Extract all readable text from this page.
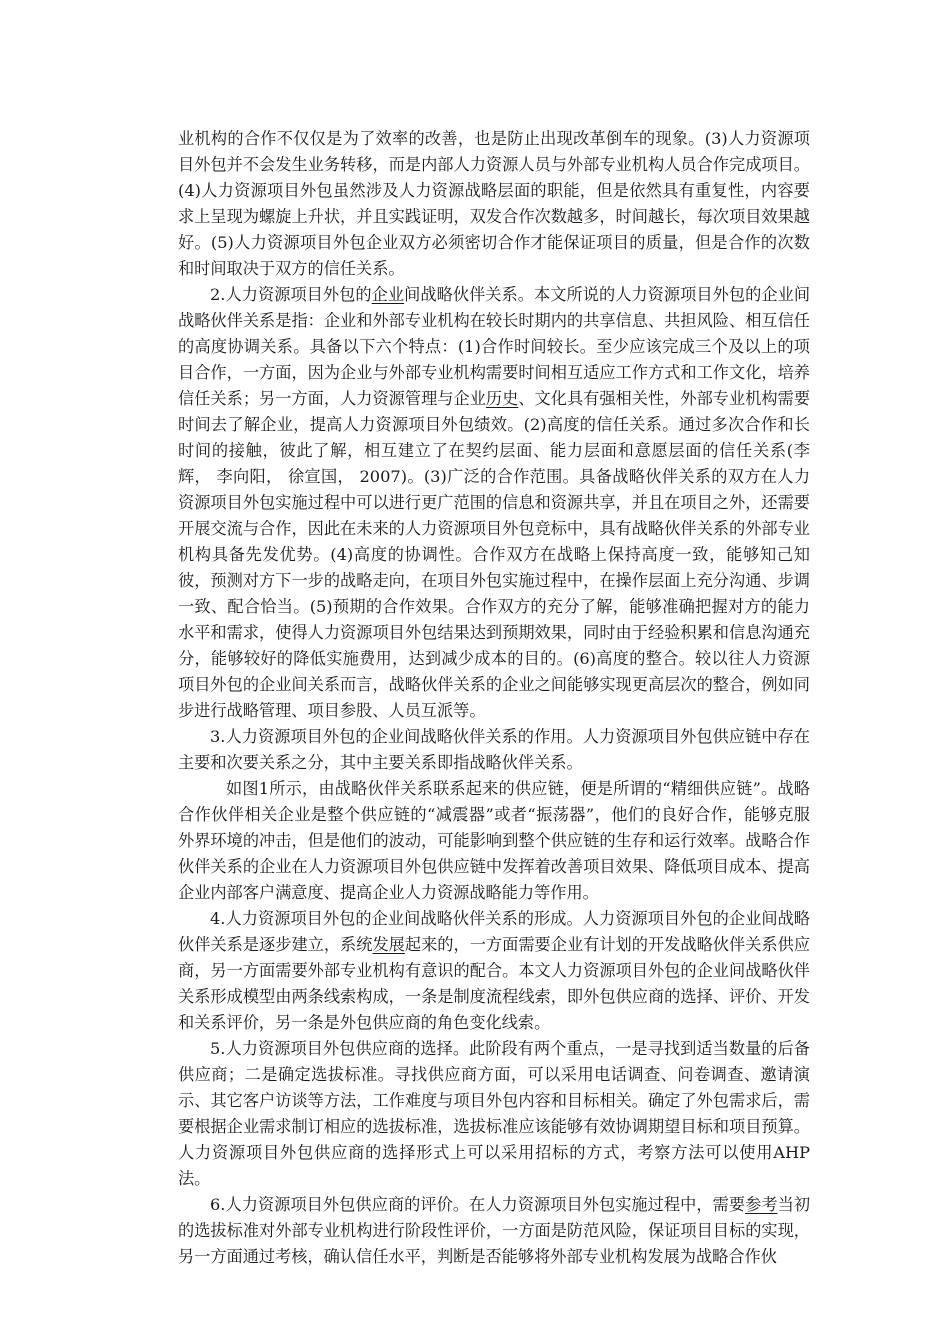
业机构的合作不仅仅是为了效率的改善，也是防止出现改革倒车的现象。(3)人力资源项目外包并不会发生业务转移，而是内部人力资源人员与外部专业机构人员合作完成项目。(4)人力资源项目外包虽然涉及人力资源战略层面的职能，但是依然具有重复性，内容要求上呈现为螺旋上升状，并且实践证明，双发合作次数越多，时间越长，每次项目效果越好。(5)人力资源项目外包企业双方必须密切合作才能保证项目的质量，但是合作的次数和时间取决于双方的信任关系。

2.人力资源项目外包的企业间战略伙伴关系。本文所说的人力资源项目外包的企业间战略伙伴关系是指：企业和外部专业机构在较长时期内的共享信息、共担风险、相互信任的高度协调关系。具备以下六个特点：(1)合作时间较长。至少应该完成三个及以上的项目合作，一方面，因为企业与外部专业机构需要时间相互适应工作方式和工作文化，培养信任关系；另一方面，人力资源管理与企业历史、文化具有强相关性，外部专业机构需要时间去了解企业，提高人力资源项目外包绩效。(2)高度的信任关系。通过多次合作和长时间的接触，彼此了解，相互建立了在契约层面、能力层面和意愿层面的信任关系(李辉， 李向阳， 徐宣国， 2007)。(3)广泛的合作范围。具备战略伙伴关系的双方在人力资源项目外包实施过程中可以进行更广范围的信息和资源共享，并且在项目之外，还需要开展交流与合作，因此在未来的人力资源项目外包竞标中，具有战略伙伴关系的外部专业机构具备先发优势。(4)高度的协调性。合作双方在战略上保持高度一致，能够知己知彼，预测对方下一步的战略走向，在项目外包实施过程中，在操作层面上充分沟通、步调一致、配合恰当。(5)预期的合作效果。合作双方的充分了解，能够准确把握对方的能力水平和需求，使得人力资源项目外包结果达到预期效果，同时由于经验积累和信息沟通充分，能够较好的降低实施费用，达到减少成本的目的。(6)高度的整合。较以往人力资源项目外包的企业间关系而言，战略伙伴关系的企业之间能够实现更高层次的整合，例如同步进行战略管理、项目参股、人员互派等。

3.人力资源项目外包的企业间战略伙伴关系的作用。人力资源项目外包供应链中存在主要和次要关系之分，其中主要关系即指战略伙伴关系。

如图1所示，由战略伙伴关系联系起来的供应链，便是所谓的“精细供应链”。战略合作伙伴相关企业是整个供应链的“减震器”或者“振荡器”，他们的良好合作，能够克服外界环境的冲击，但是他们的波动，可能影响到整个供应链的生存和运行效率。战略合作伙伴关系的企业在人力资源项目外包供应链中发挥着改善项目效果、降低项目成本、提高企业内部客户满意度、提高企业人力资源战略能力等作用。

4.人力资源项目外包的企业间战略伙伴关系的形成。人力资源项目外包的企业间战略伙伴关系是逐步建立，系统发展起来的，一方面需要企业有计划的开发战略伙伴关系供应商，另一方面需要外部专业机构有意识的配合。本文人力资源项目外包的企业间战略伙伴关系形成模型由两条线索构成，一条是制度流程线索，即外包供应商的选择、评价、开发和关系评价，另一条是外包供应商的角色变化线索。

5.人力资源项目外包供应商的选择。此阶段有两个重点，一是寻找到适当数量的后备供应商；二是确定选拔标准。寻找供应商方面，可以采用电话调查、问卷调查、邀请演示、其它客户访谈等方法，工作难度与项目外包内容和目标相关。确定了外包需求后，需要根据企业需求制订相应的选拔标准，选拔标准应该能够有效协调期望目标和项目预算。人力资源项目外包供应商的选择形式上可以采用招标的方式，考察方法可以使用AHP法。

6.人力资源项目外包供应商的评价。在人力资源项目外包实施过程中，需要参考当初的选拔标准对外部专业机构进行阶段性评价，一方面是防范风险，保证项目目标的实现，另一方面通过考核，确认信任水平，判断是否能够将外部专业机构发展为战略合作伙
